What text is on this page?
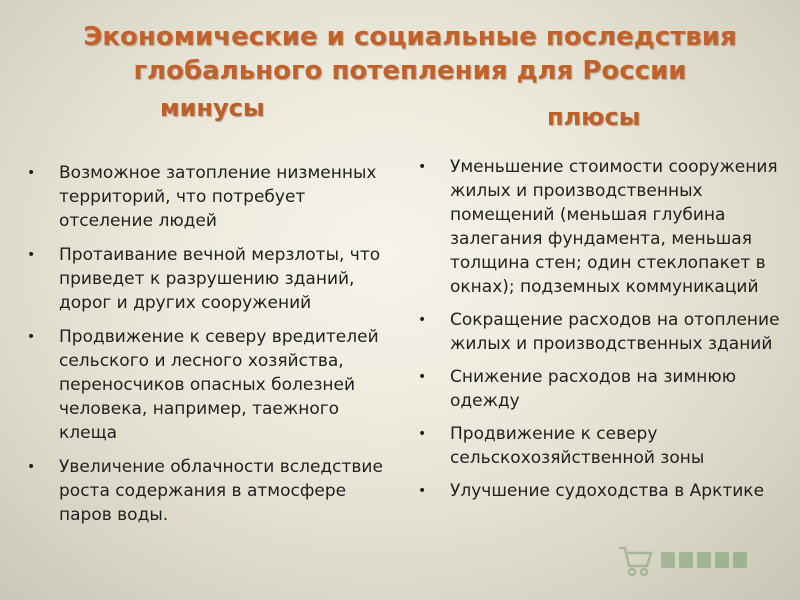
Экономические и социальные последствия глобального потепления для России
минусы	плюсы
•	Возможное затопление низменных территорий, что потребует отселение людей
•	Протаивание вечной мерзлоты, что приведет к разрушению зданий, дорог и других сооружений
•	Продвижение к северу вредителей сельского и лесного хозяйства, переносчиков опасных болезней человека, например, таежного клеща
•	Увеличение облачности вследствие роста содержания в атмосфере паров воды.
•	Уменьшение стоимости сооружения жилых и производственных помещений (меньшая глубина залегания фундамента, меньшая толщина стен; один стеклопакет в окнах); подземных коммуникаций
•	Сокращение расходов на отопление жилых и производственных зданий
•	Снижение расходов на зимнюю одежду
•	Продвижение к северу сельскохозяйственной зоны
•	Улучшение судоходства в Арктике
